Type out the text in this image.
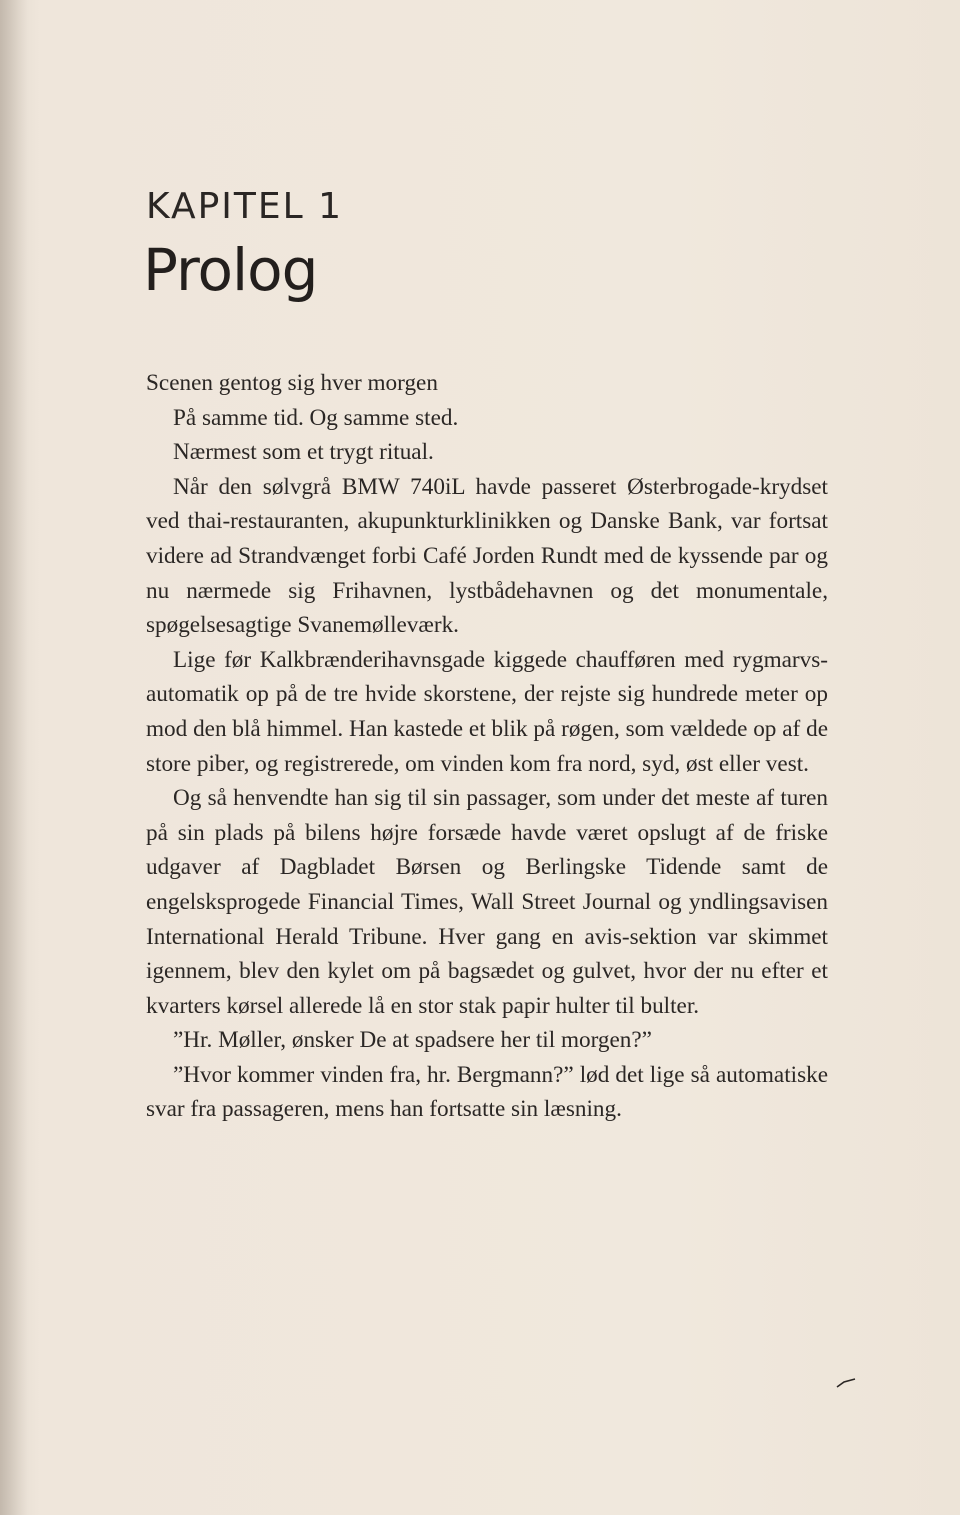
KAPITEL 1
Prolog

Scenen gentog sig hver morgen

På samme tid. Og samme sted.

Nærmest som et trygt ritual.

Når den sølvgrå BMW 740iL havde passeret Østerbrogade-krydset ved thai-restauranten, akupunkturklinikken og Danske Bank, var fortsat videre ad Strandvænget forbi Café Jorden Rundt med de kyssende par og nu nærmede sig Frihavnen, lystbådehavnen og det monumentale, spøgelsesagtige Svanemølleværk.

Lige før Kalkbrænderihavnsgade kiggede chaufføren med rygmarvs-automatik op på de tre hvide skorstene, der rejste sig hundrede meter op mod den blå himmel. Han kastede et blik på røgen, som vældede op af de store piber, og registrerede, om vinden kom fra nord, syd, øst eller vest.

Og så henvendte han sig til sin passager, som under det meste af turen på sin plads på bilens højre forsæde havde været opslugt af de friske udgaver af Dagbladet Børsen og Berlingske Tidende samt de engelsksprogede Financial Times, Wall Street Journal og yndlingsavisen International Herald Tribune. Hver gang en avis-sektion var skimmet igennem, blev den kylet om på bagsædet og gulvet, hvor der nu efter et kvarters kørsel allerede lå en stor stak papir hulter til bulter.

”Hr. Møller, ønsker De at spadsere her til morgen?”

”Hvor kommer vinden fra, hr. Bergmann?” lød det lige så automatiske svar fra passageren, mens han fortsatte sin læsning.
